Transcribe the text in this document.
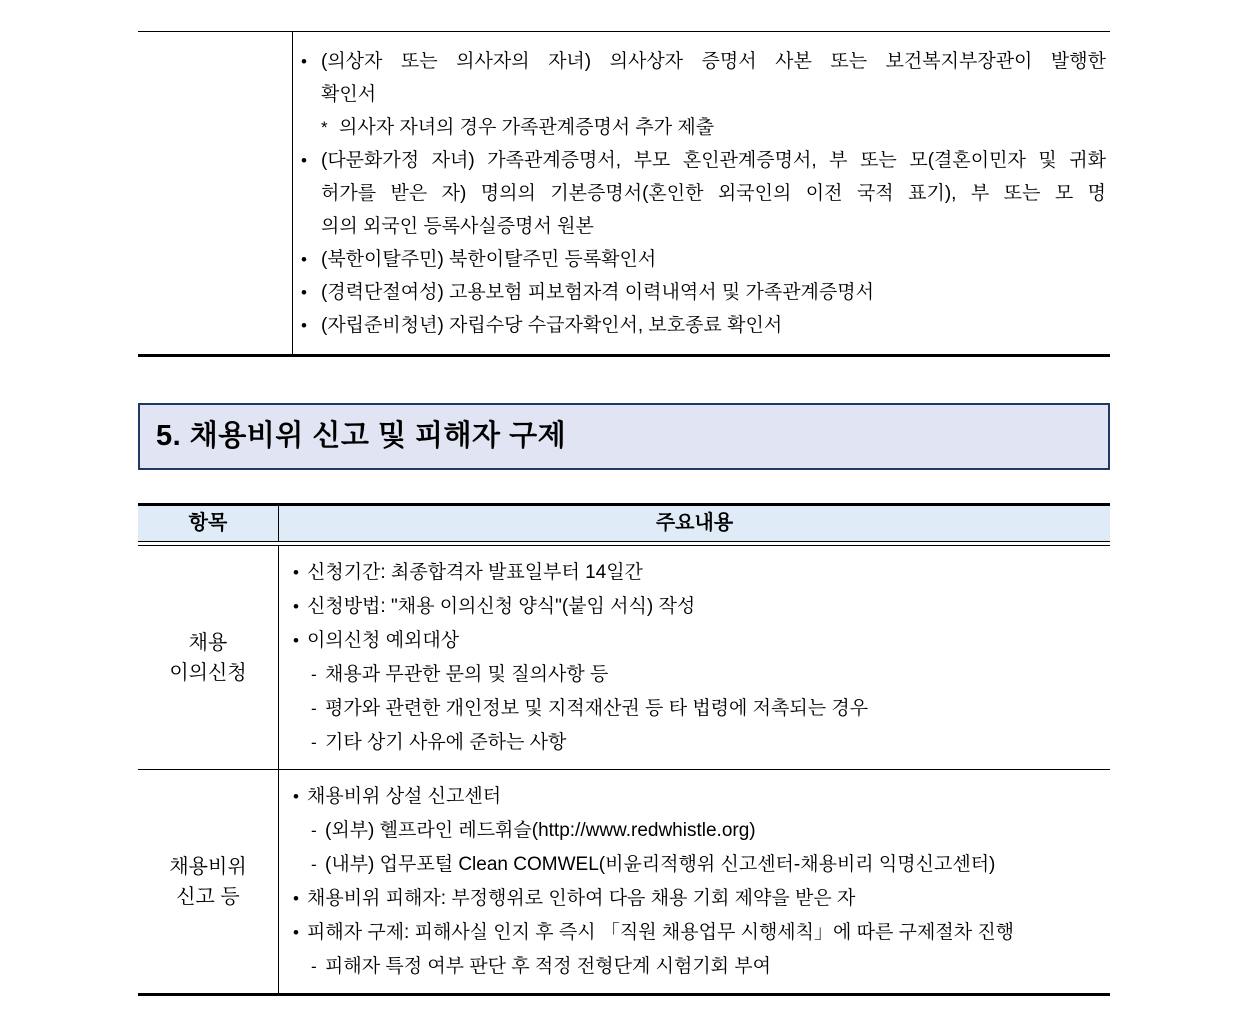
• (의상자 또는 의사자의 자녀) 의사상자 증명서 사본 또는 보건복지부장관이 발행한
확인서
* 의사자 자녀의 경우 가족관계증명서 추가 제출
• (다문화가정 자녀) 가족관계증명서, 부모 혼인관계증명서, 부 또는 모(결혼이민자 및 귀화
허가를 받은 자) 명의의 기본증명서(혼인한 외국인의 이전 국적 표기), 부 또는 모 명
의의 외국인 등록사실증명서 원본
• (북한이탈주민) 북한이탈주민 등록확인서
• (경력단절여성) 고용보험 피보험자격 이력내역서 및 가족관계증명서
• (자립준비청년) 자립수당 수급자확인서, 보호종료 확인서
5. 채용비위 신고 및 피해자 구제
항목	주요내용
채용
이의신청
• 신청기간: 최종합격자 발표일부터 14일간
• 신청방법: "채용 이의신청 양식"(붙임 서식) 작성
• 이의신청 예외대상
- 채용과 무관한 문의 및 질의사항 등
- 평가와 관련한 개인정보 및 지적재산권 등 타 법령에 저촉되는 경우
- 기타 상기 사유에 준하는 사항
채용비위
신고 등
• 채용비위 상설 신고센터
- (외부) 헬프라인 레드휘슬(http://www.redwhistle.org)
- (내부) 업무포털 Clean COMWEL(비윤리적행위 신고센터-채용비리 익명신고센터)
• 채용비위 피해자: 부정행위로 인하여 다음 채용 기회 제약을 받은 자
• 피해자 구제: 피해사실 인지 후 즉시 「직원 채용업무 시행세칙」에 따른 구제절차 진행
- 피해자 특정 여부 판단 후 적정 전형단계 시험기회 부여
